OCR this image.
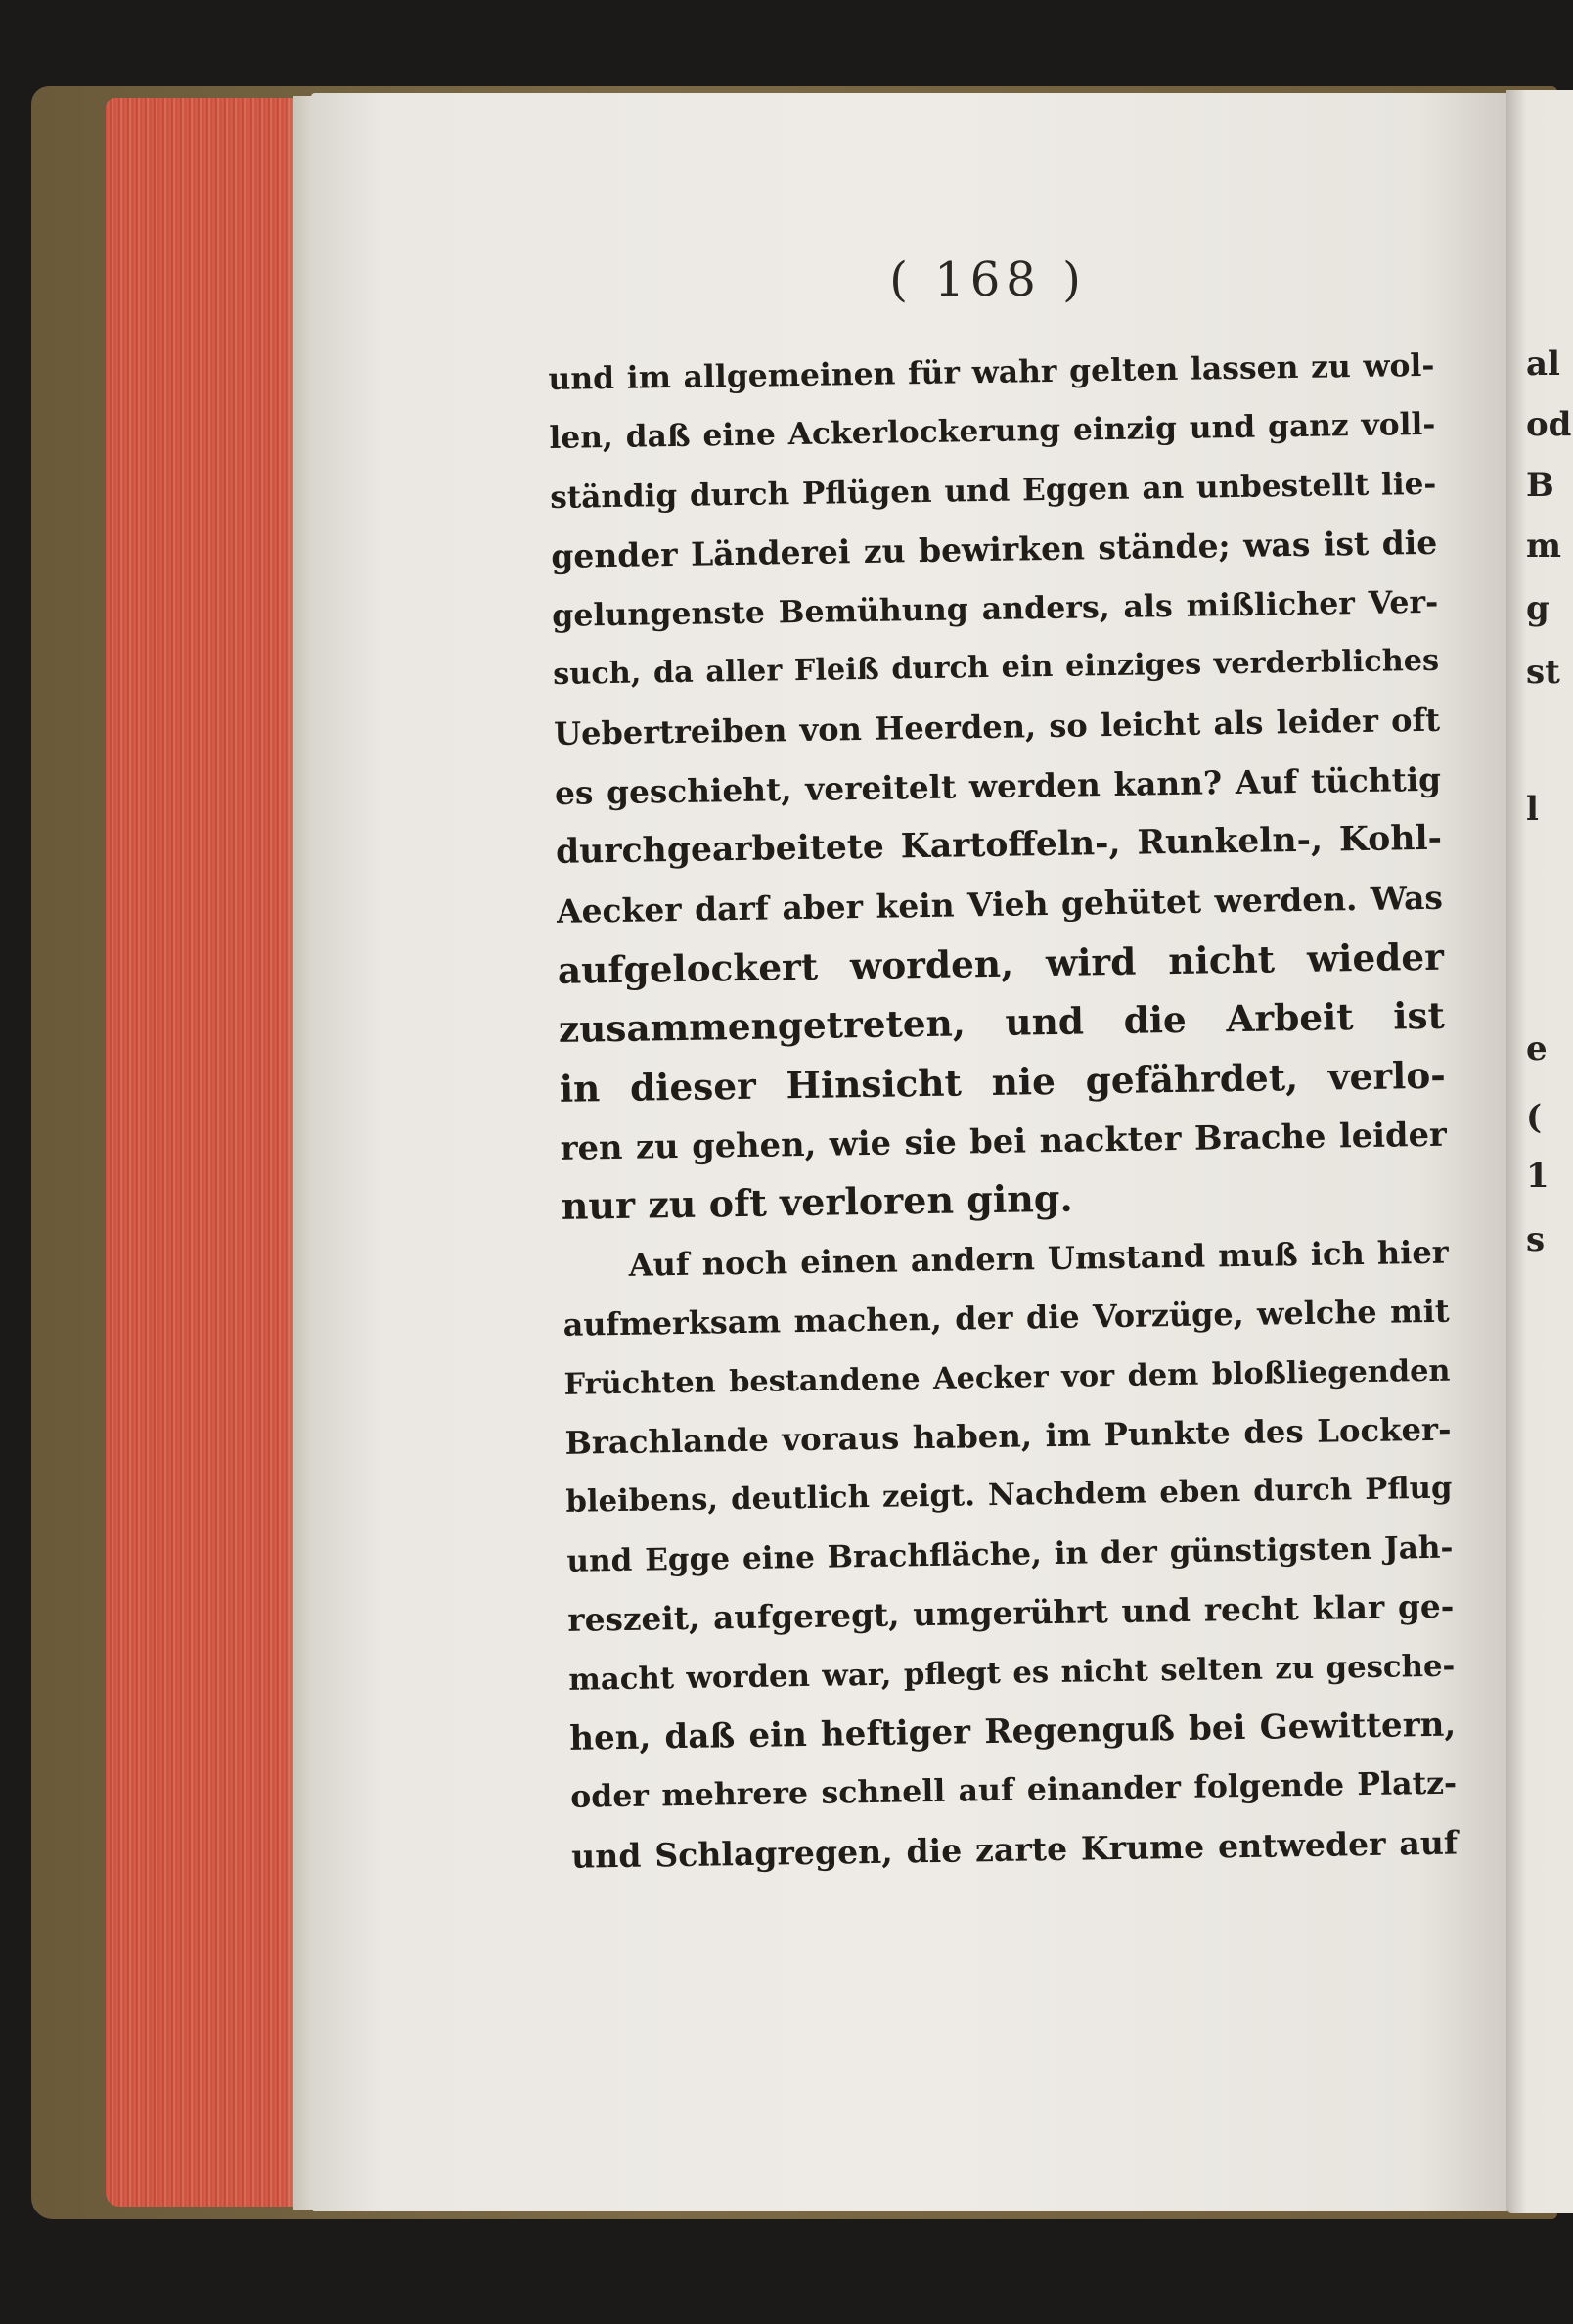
al
od
B
m
g
st
l
e
(
1
s
( 168 )
und im allgemeinen für wahr gelten lassen zu wol-
len, daß eine Ackerlockerung einzig und ganz voll-
ständig durch Pflügen und Eggen an unbestellt lie-
gender Länderei zu bewirken stände; was ist die
gelungenste Bemühung anders, als mißlicher Ver-
such, da aller Fleiß durch ein einziges verderbliches
Uebertreiben von Heerden, so leicht als leider oft
es geschieht, vereitelt werden kann? Auf tüchtig
durchgearbeitete Kartoffeln-, Runkeln-, Kohl-
Aecker darf aber kein Vieh gehütet werden. Was
aufgelockert worden, wird nicht wieder
zusammengetreten, und die Arbeit ist
in dieser Hinsicht nie gefährdet, verlo-
ren zu gehen, wie sie bei nackter Brache leider
nur zu oft verloren ging.
Auf noch einen andern Umstand muß ich hier
aufmerksam machen, der die Vorzüge, welche mit
Früchten bestandene Aecker vor dem bloßliegenden
Brachlande voraus haben, im Punkte des Locker-
bleibens, deutlich zeigt. Nachdem eben durch Pflug
und Egge eine Brachfläche, in der günstigsten Jah-
reszeit, aufgeregt, umgerührt und recht klar ge-
macht worden war, pflegt es nicht selten zu gesche-
hen, daß ein heftiger Regenguß bei Gewittern,
oder mehrere schnell auf einander folgende Platz-
und Schlagregen, die zarte Krume entweder auf
